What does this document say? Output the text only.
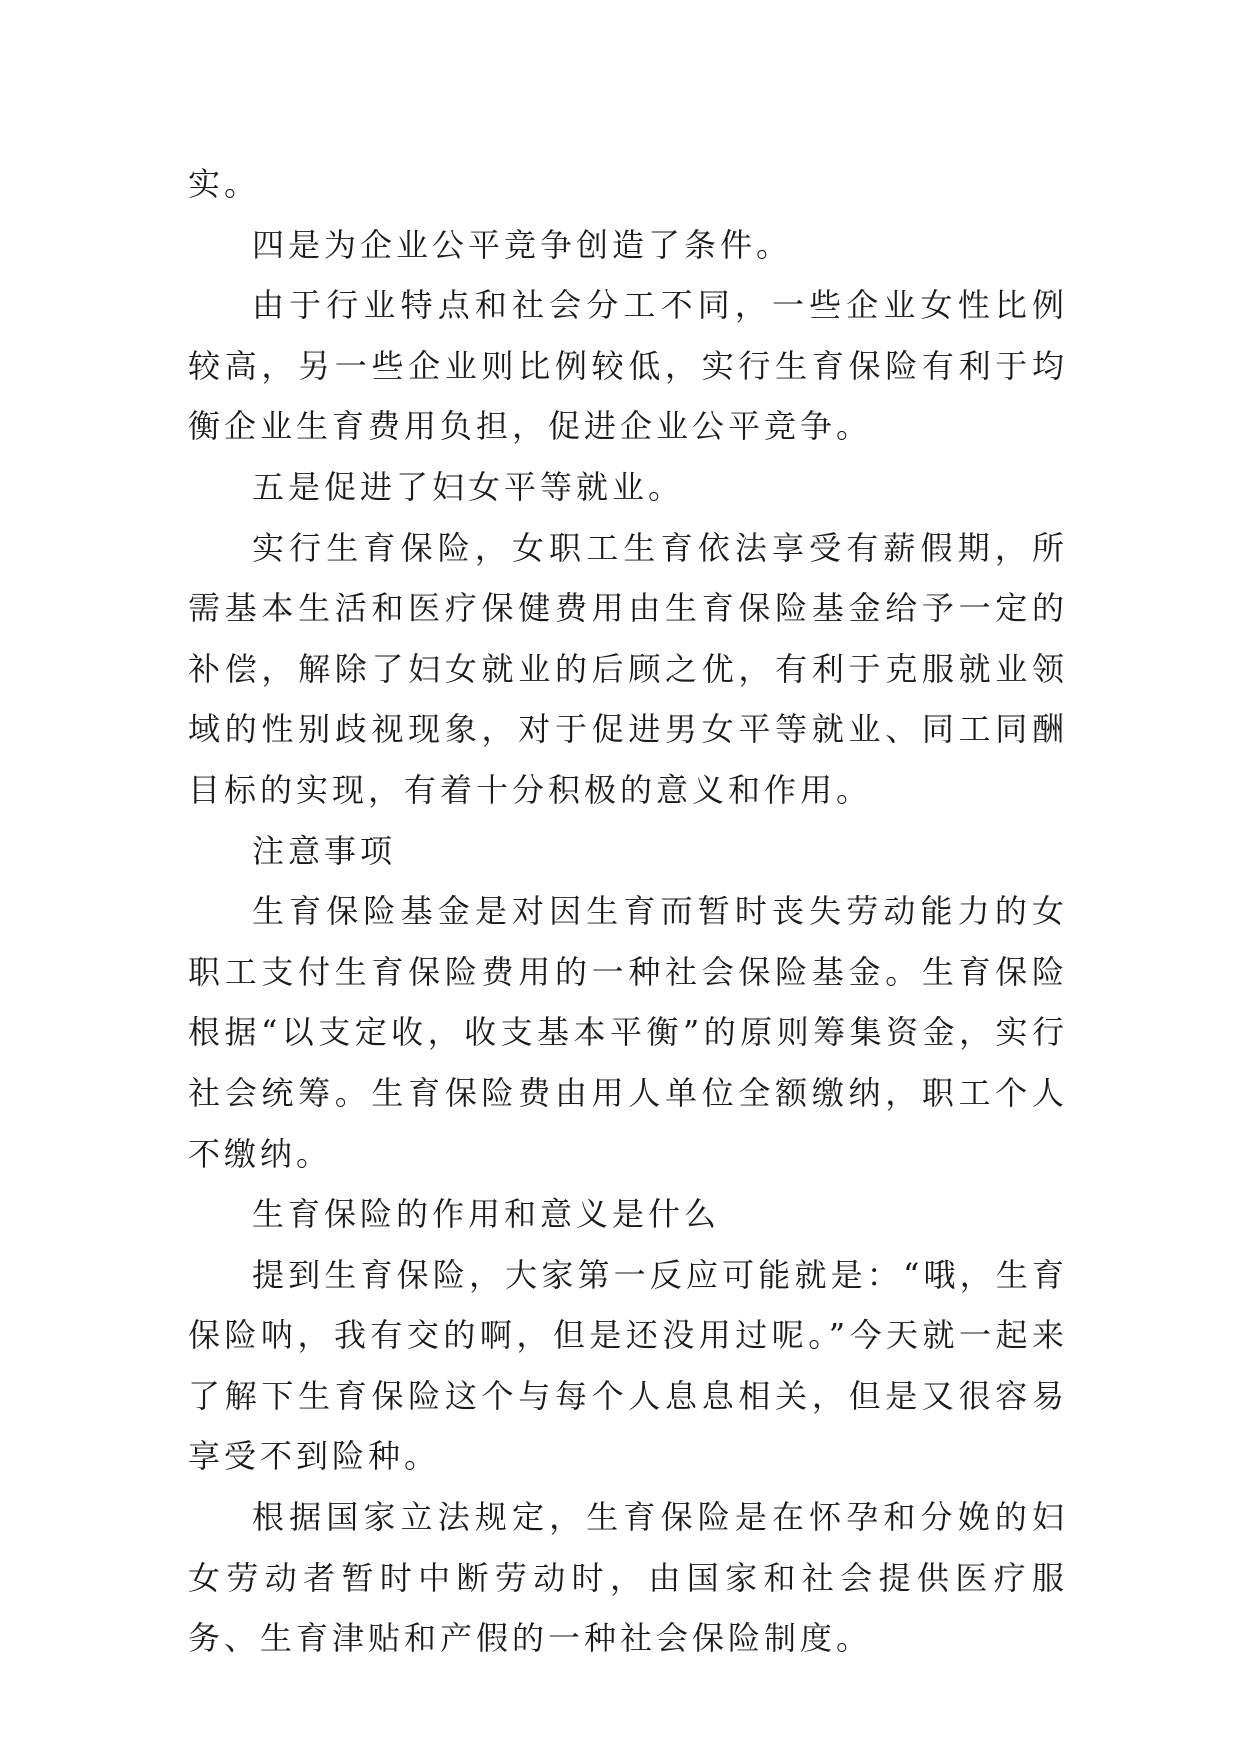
实。

四是为企业公平竞争创造了条件。

由于行业特点和社会分工不同，一些企业女性比例较高，另一些企业则比例较低，实行生育保险有利于均衡企业生育费用负担，促进企业公平竞争。

五是促进了妇女平等就业。

实行生育保险，女职工生育依法享受有薪假期，所需基本生活和医疗保健费用由生育保险基金给予一定的补偿，解除了妇女就业的后顾之优，有利于克服就业领域的性别歧视现象，对于促进男女平等就业、同工同酬目标的实现，有着十分积极的意义和作用。

注意事项

生育保险基金是对因生育而暂时丧失劳动能力的女职工支付生育保险费用的一种社会保险基金。生育保险根据“以支定收，收支基本平衡”的原则筹集资金，实行社会统筹。生育保险费由用人单位全额缴纳，职工个人不缴纳。

生育保险的作用和意义是什么

提到生育保险，大家第一反应可能就是：“哦，生育保险呐，我有交的啊，但是还没用过呢。”今天就一起来了解下生育保险这个与每个人息息相关，但是又很容易享受不到险种。

根据国家立法规定，生育保险是在怀孕和分娩的妇女劳动者暂时中断劳动时，由国家和社会提供医疗服务、生育津贴和产假的一种社会保险制度。
